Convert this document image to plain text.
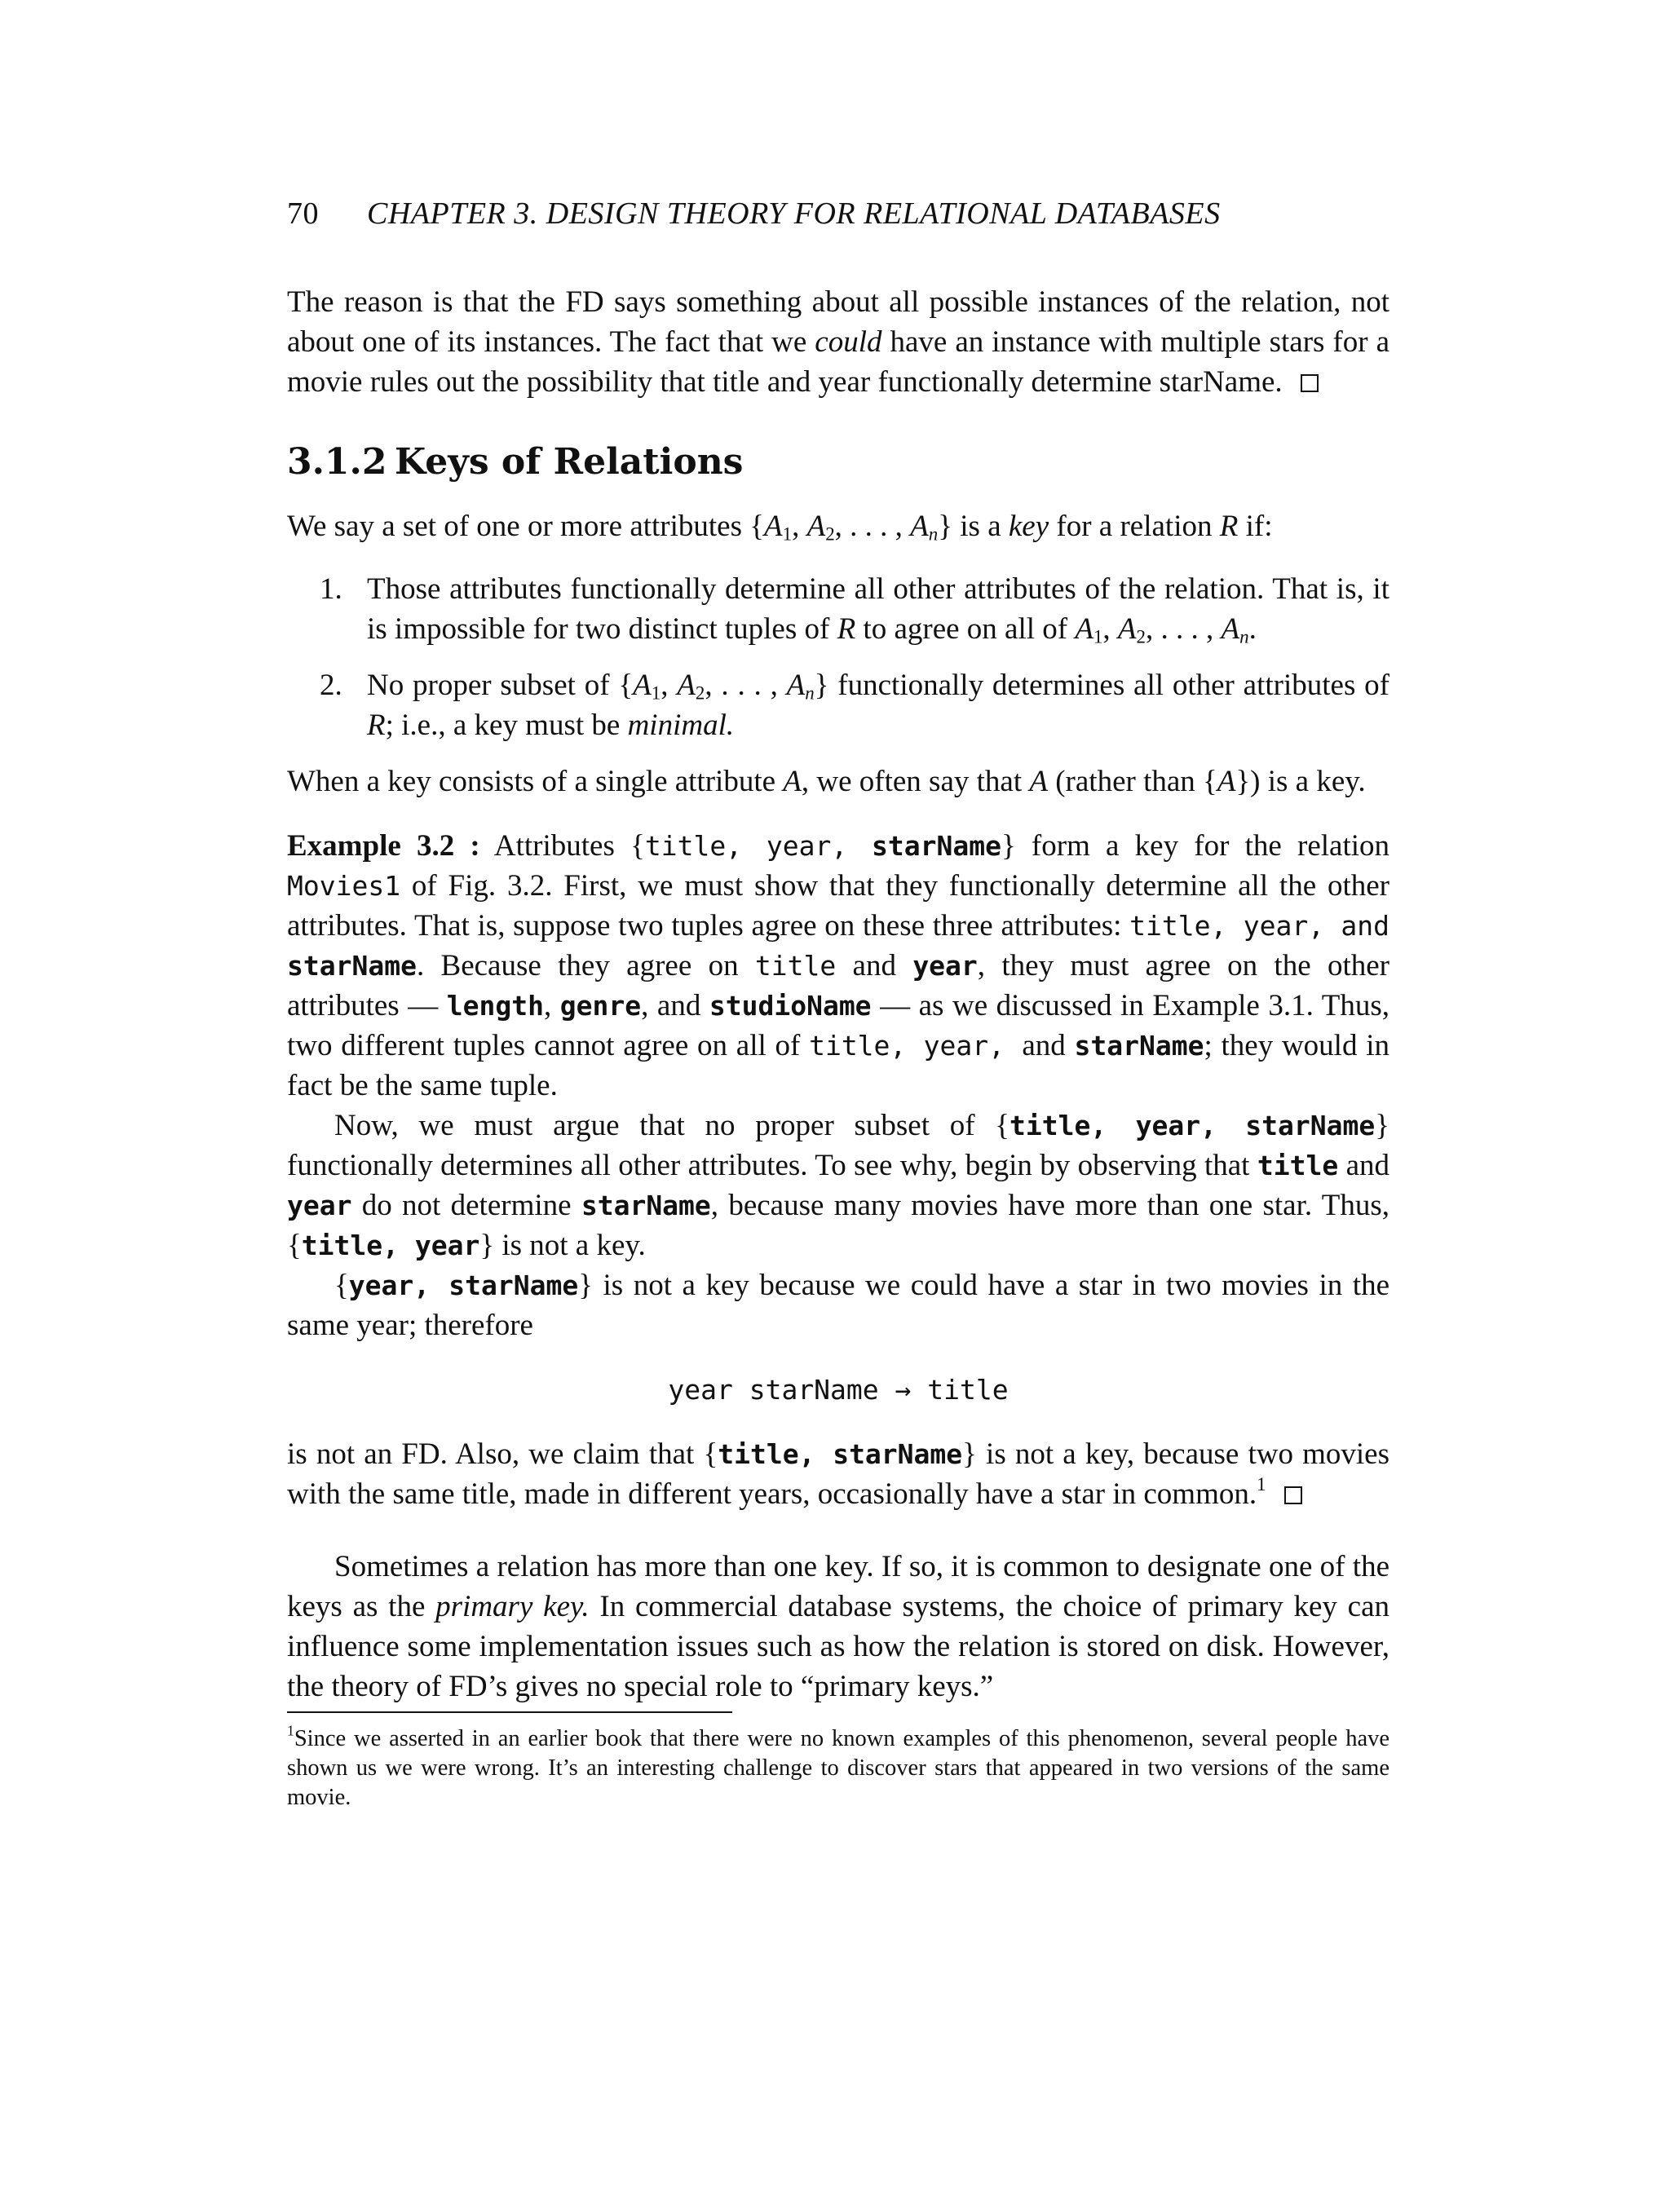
70 CHAPTER 3. DESIGN THEORY FOR RELATIONAL DATABASES

The reason is that the FD says something about all possible instances of the relation, not about one of its instances. The fact that we could have an instance with multiple stars for a movie rules out the possibility that title and year functionally determine starName.

3.1.2 Keys of Relations

We say a set of one or more attributes {$A_1$, $A_2$, . . . , $A_n$} is a key for a relation R if:

1. Those attributes functionally determine all other attributes of the relation. That is, it is impossible for two distinct tuples of R to agree on all of $A_1$, $A_2$, . . . , $A_n$.
2. No proper subset of {$A_1$, $A_2$, . . . , $A_n$} functionally determines all other attributes of R; i.e., a key must be minimal.

When a key consists of a single attribute A, we often say that A (rather than {A}) is a key.

Example 3.2 : Attributes {title, year, starName} form a key for the relation Movies1 of Fig. 3.2. First, we must show that they functionally determine all the other attributes. That is, suppose two tuples agree on these three attributes: title, year, and starName. Because they agree on title and year, they must agree on the other attributes — length, genre, and studioName — as we discussed in Example 3.1. Thus, two different tuples cannot agree on all of title, year, and starName; they would in fact be the same tuple.

Now, we must argue that no proper subset of {title, year, starName} functionally determines all other attributes. To see why, begin by observing that title and year do not determine starName, because many movies have more than one star. Thus, {title, year} is not a key.

{year, starName} is not a key because we could have a star in two movies in the same year; therefore

year starName → title

is not an FD. Also, we claim that {title, starName} is not a key, because two movies with the same title, made in different years, occasionally have a star in common.$^1$

Sometimes a relation has more than one key. If so, it is common to designate one of the keys as the primary key. In commercial database systems, the choice of primary key can influence some implementation issues such as how the relation is stored on disk. However, the theory of FD’s gives no special role to “primary keys.”

$^1$Since we asserted in an earlier book that there were no known examples of this phenomenon, several people have shown us we were wrong. It’s an interesting challenge to discover stars that appeared in two versions of the same movie.
